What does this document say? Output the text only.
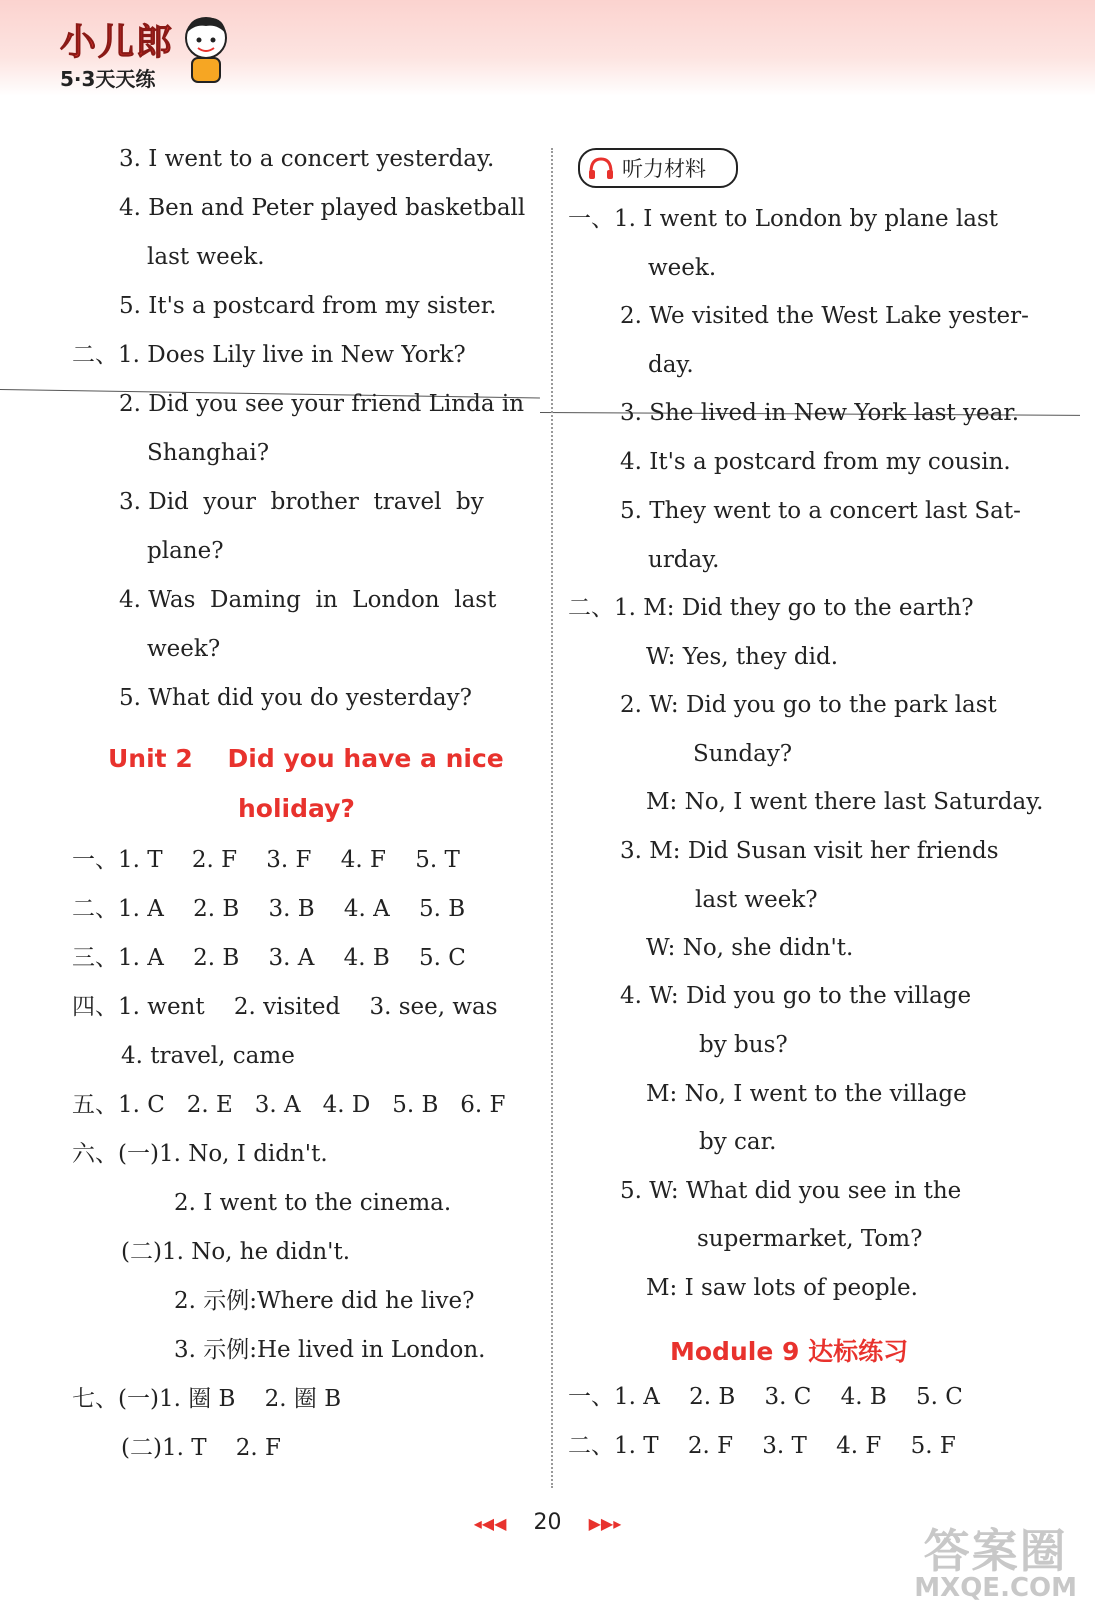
小儿郎
5·3天天练
3. I went to a concert yesterday.
4. Ben and Peter played basketball
last week.
5. It's a postcard from my sister.
二、1. Does Lily live in New York?
2. Did you see your friend Linda in
Shanghai?
3. Did  your  brother  travel  by
plane?
4. Was  Daming  in  London  last
week?
5. What did you do yesterday?
Unit 2    Did you have a nice
holiday?
一、1. T    2. F    3. F    4. F    5. T
二、1. A    2. B    3. B    4. A    5. B
三、1. A    2. B    3. A    4. B    5. C
四、1. went    2. visited    3. see, was
4. travel, came
五、1. C   2. E   3. A   4. D   5. B   6. F
六、(一)1. No, I didn't.
2. I went to the cinema.
(二)1. No, he didn't.
2. 示例:Where did he live?
3. 示例:He lived in London.
七、(一)1. 圈 B    2. 圈 B
(二)1. T    2. F
听力材料
一、1. I went to London by plane last
week.
2. We visited the West Lake yester-
day.
3. She lived in New York last year.
4. It's a postcard from my cousin.
5. They went to a concert last Sat-
urday.
二、1. M: Did they go to the earth?
W: Yes, they did.
2. W: Did you go to the park last
Sunday?
M: No, I went there last Saturday.
3. M: Did Susan visit her friends
last week?
W: No, she didn't.
4. W: Did you go to the village
by bus?
M: No, I went to the village
by car.
5. W: What did you see in the
supermarket, Tom?
M: I saw lots of people.
Module 9 达标练习
一、1. A    2. B    3. C    4. B    5. C
二、1. T    2. F    3. T    4. F    5. F
◂◀◀ 20 ▶▶▸
答案圈
MXQE.COM
